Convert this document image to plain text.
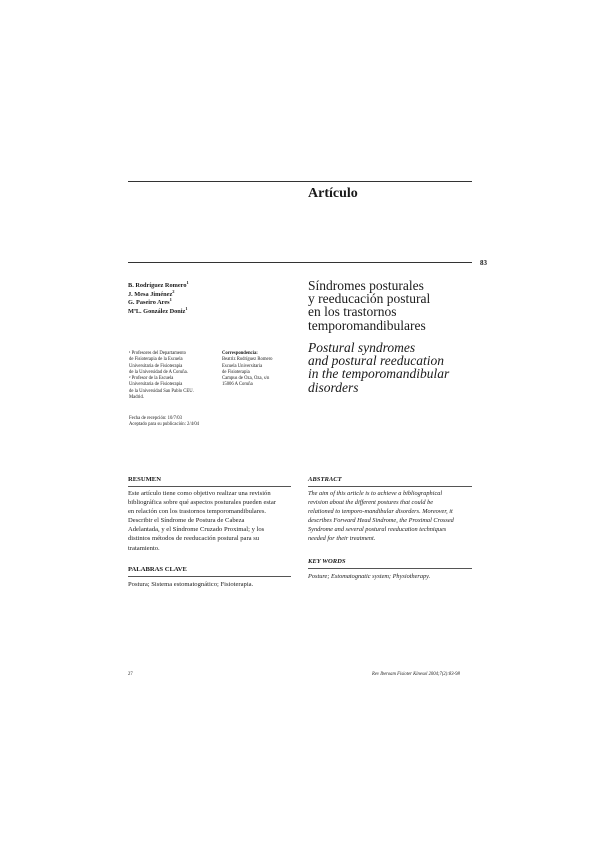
Artículo
83
B. Rodríguez Romero$^1$
J. Mesa Jiménez$^2$
G. Paseiro Ares$^1$
MªL. González Doniz$^1$
Síndromes posturales
y reeducación postural
en los trastornos
temporomandibulares
Postural syndromes
and postural reeducation
in the temporomandibular
disorders
¹ Profesores del Departamento
de Fisioterapia de la Escuela
Universitaria de Fisioterapia
de la Universidad de A Coruña.
² Profesor de la Escuela
Universitaria de Fisioterapia
de la Universidad San Pablo CEU.
Madrid.
Correspondencia:
Beatriz Rodríguez Romero
Escuela Universitaria
de Fisioterapia
Campus de Oza, Oza, s/n
15006 A Coruña
Fecha de recepción: 10/7/03
Aceptado para su publicación: 2/4/04
RESUMEN
Este artículo tiene como objetivo realizar una revisión
bibliográfica sobre qué aspectos posturales pueden estar
en relación con los trastornos temporomandibulares.
Describir el Síndrome de Postura de Cabeza
Adelantada, y el Síndrome Cruzado Proximal; y los
distintos métodos de reeducación postural para su
tratamiento.
PALABRAS CLAVE
Postura; Sistema estomatognático; Fisioterapia.
ABSTRACT
The aim of this article is to achieve a bibliographical
revision about the different postures that could be
relationed to temporo-mandibular disorders. Moreover, it
describes Forward Head Sindrome, the Proximal Crossed
Syndrome and several postural reeducation techniques
needed for their treatment.
KEY WORDS
Posture; Estomatognatic system; Physiotherapy.
27	Rev Iberoam Fisioter Kinesol 2004;7(2):83-98
